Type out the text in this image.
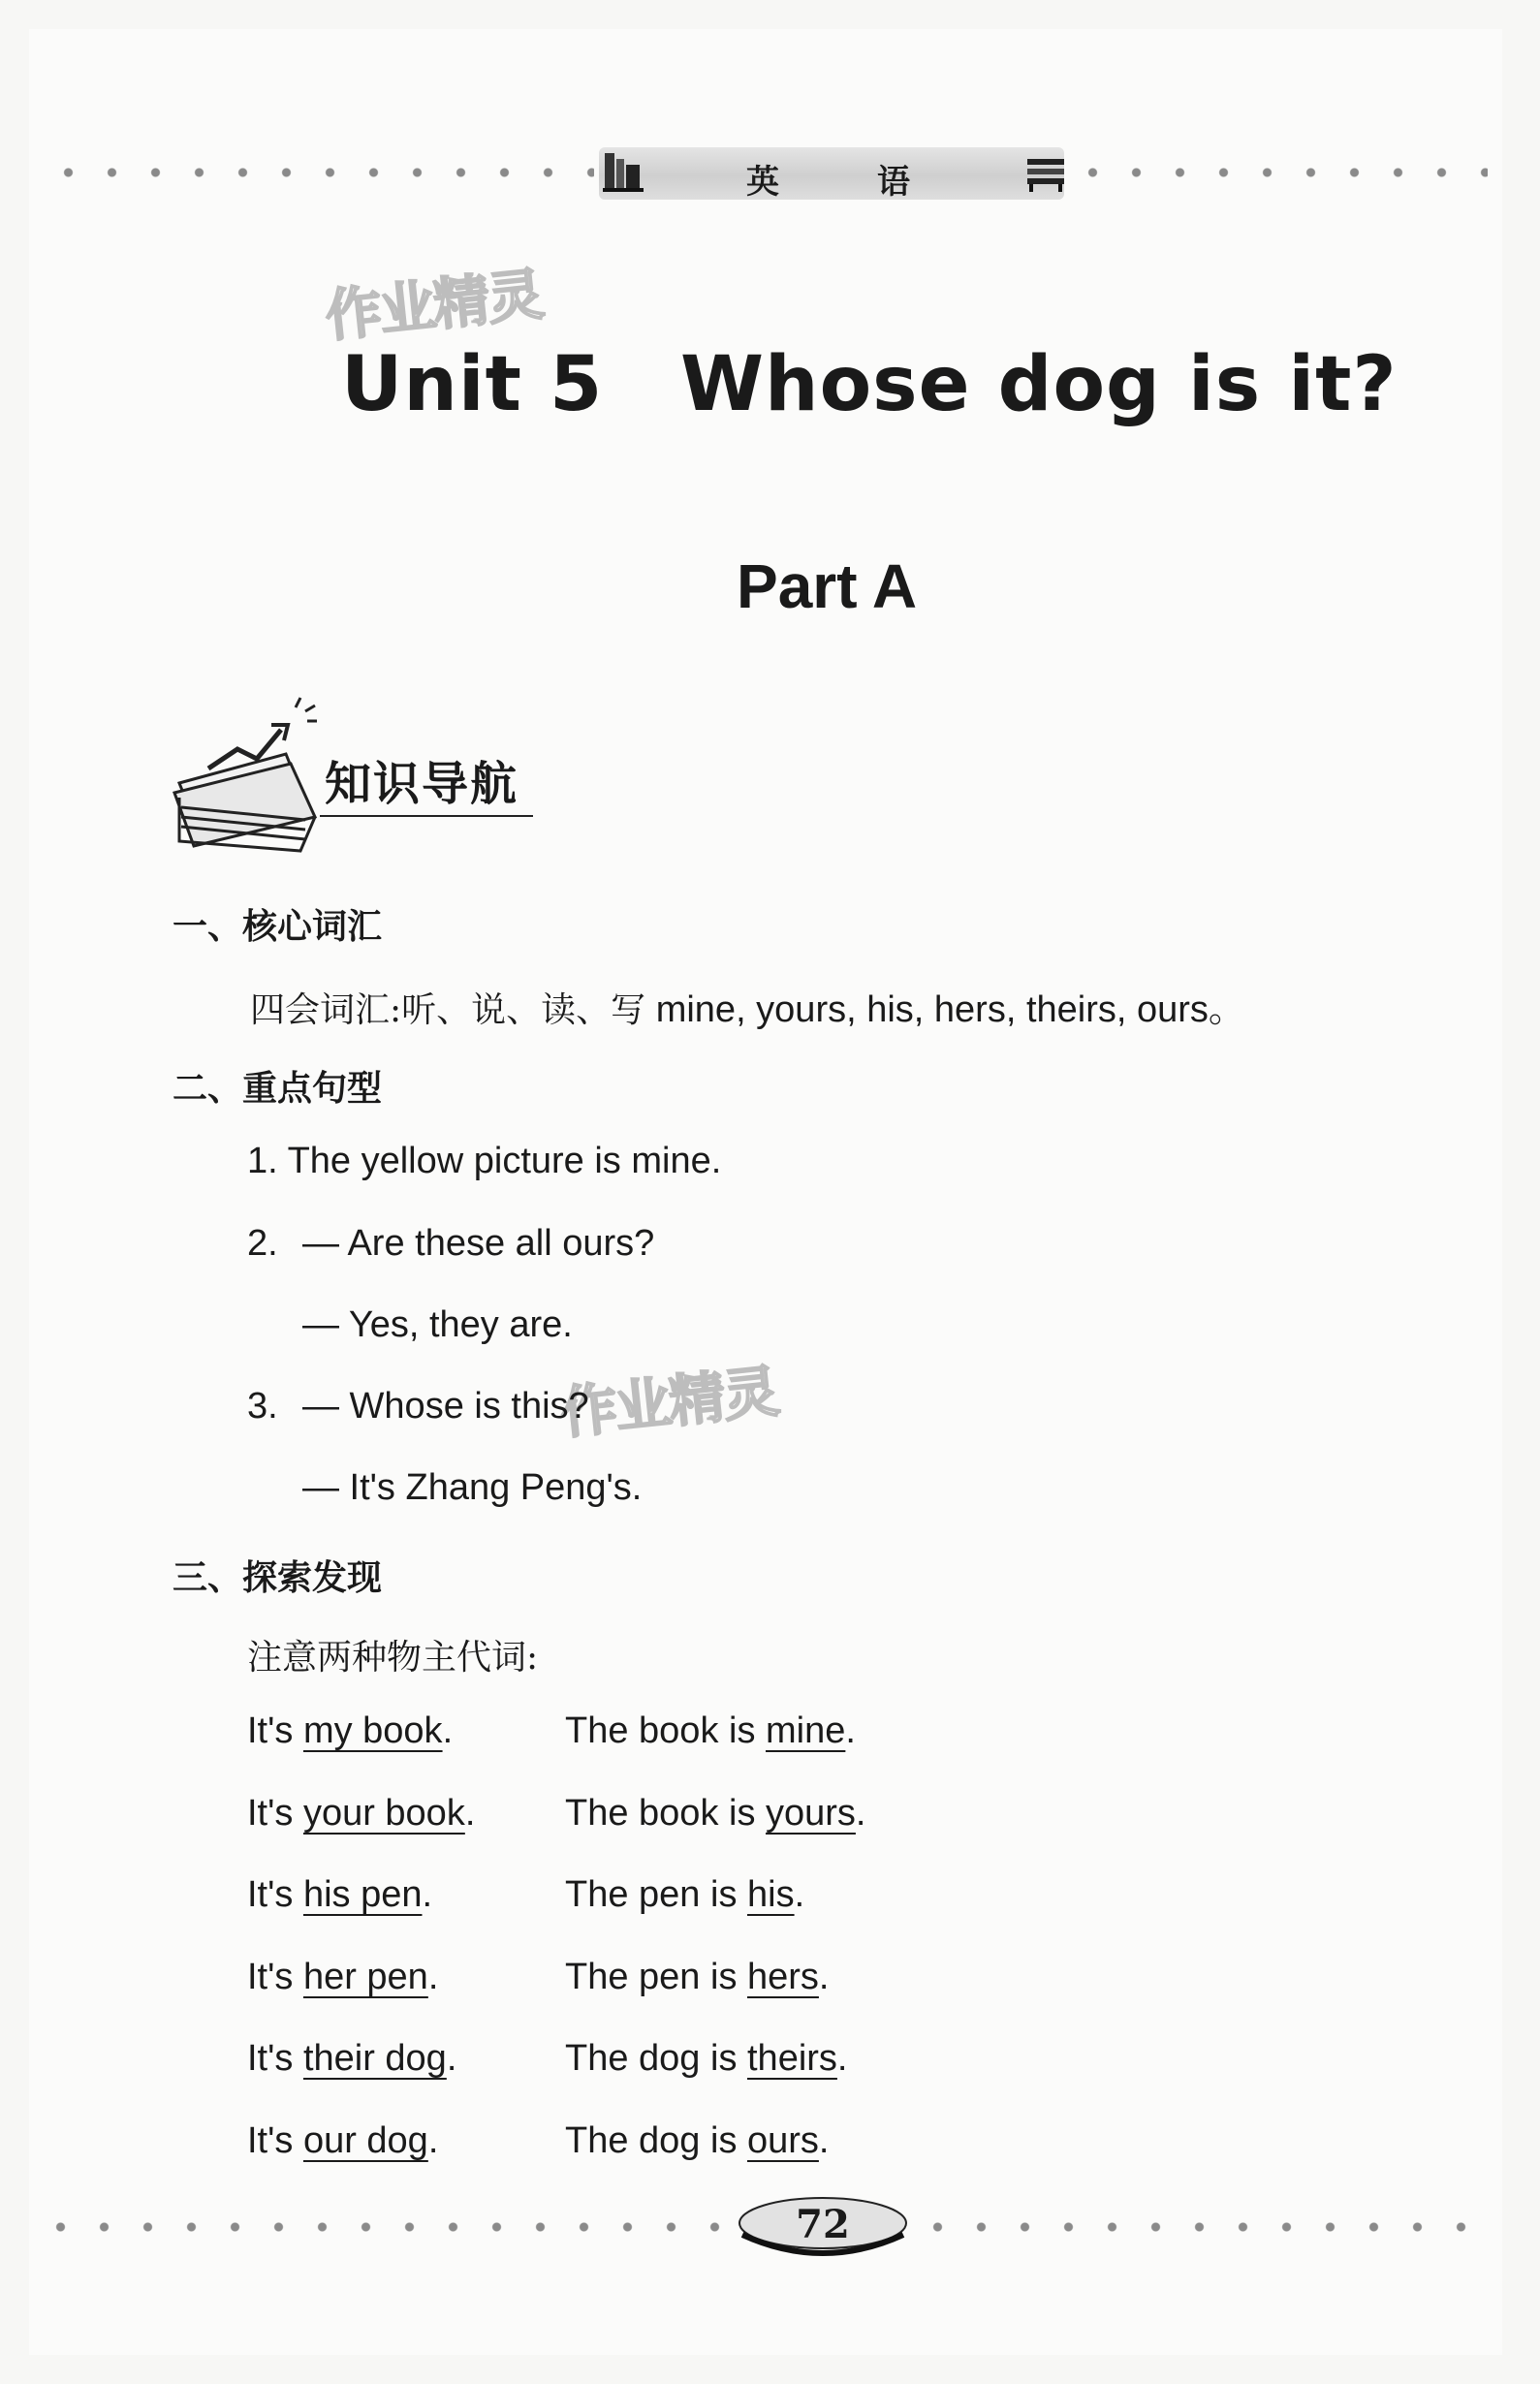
英	语
作业精灵
作业精灵
Unit 5 Whose dog is it?
Part A
知识导航
一、核心词汇
四会词汇:听、说、读、写 mine, yours, his, hers, theirs, ours。
二、重点句型
1. The yellow picture is mine.
2. — Are these all ours?
— Yes, they are.
3. — Whose is this?
— It's Zhang Peng's.
三、探索发现
注意两种物主代词:
It's my book.	The book is mine.
It's your book. The book is yours.
It's his pen.	The pen is his.
It's her pen.	The pen is hers.
It's their dog.	The dog is theirs.
It's our dog.	The dog is ours.
72
